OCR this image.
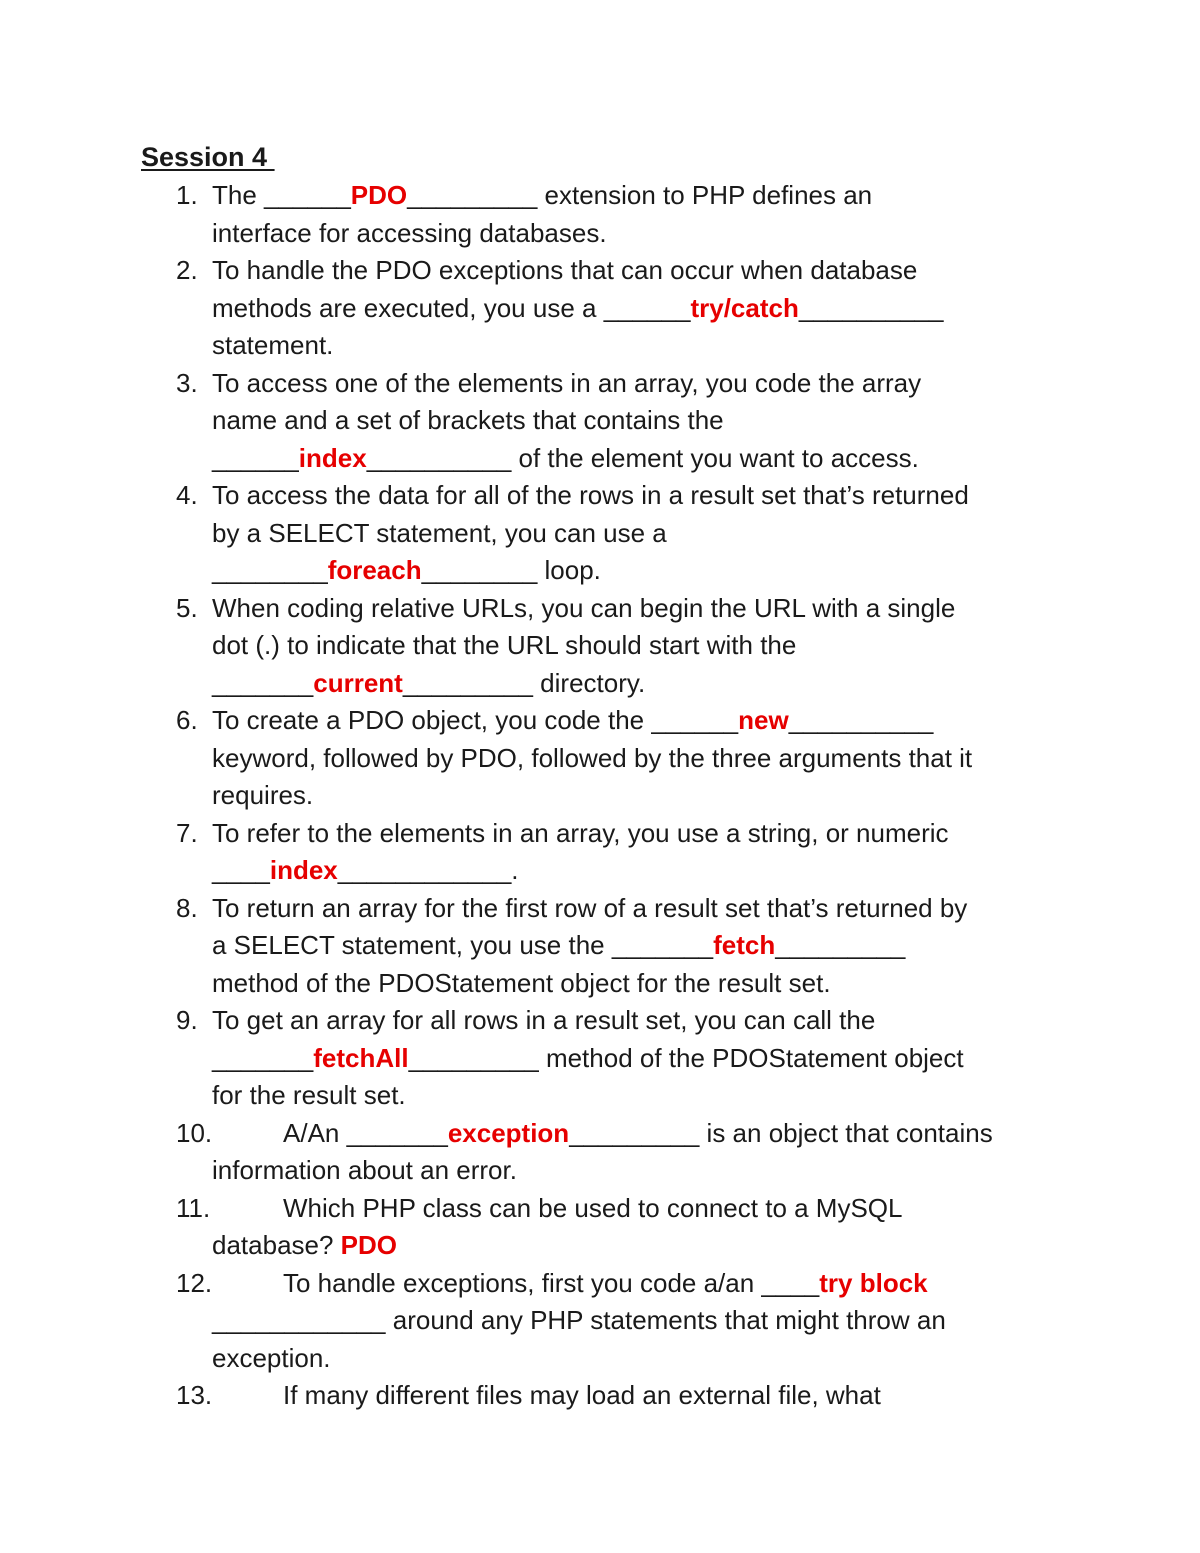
Session 4
1. The ______PDO_________ extension to PHP defines an
interface for accessing databases.
2. To handle the PDO exceptions that can occur when database
methods are executed, you use a ______try/catch__________
statement.
3. To access one of the elements in an array, you code the array
name and a set of brackets that contains the
______index__________ of the element you want to access.
4. To access the data for all of the rows in a result set that’s returned
by a SELECT statement, you can use a
________foreach________ loop.
5. When coding relative URLs, you can begin the URL with a single
dot (.) to indicate that the URL should start with the
_______current_________ directory.
6. To create a PDO object, you code the ______new__________
keyword, followed by PDO, followed by the three arguments that it
requires.
7. To refer to the elements in an array, you use a string, or numeric
____index____________.
8. To return an array for the first row of a result set that’s returned by
a SELECT statement, you use the _______fetch_________
method of the PDOStatement object for the result set.
9. To get an array for all rows in a result set, you can call the
_______fetchAll_________ method of the PDOStatement object
for the result set.
10.	A/An _______exception_________ is an object that contains
information about an error.
11.	Which PHP class can be used to connect to a MySQL
database? PDO
12.	To handle exceptions, first you code a/an ____try block
____________ around any PHP statements that might throw an
exception.
13.	If many different files may load an external file, what
